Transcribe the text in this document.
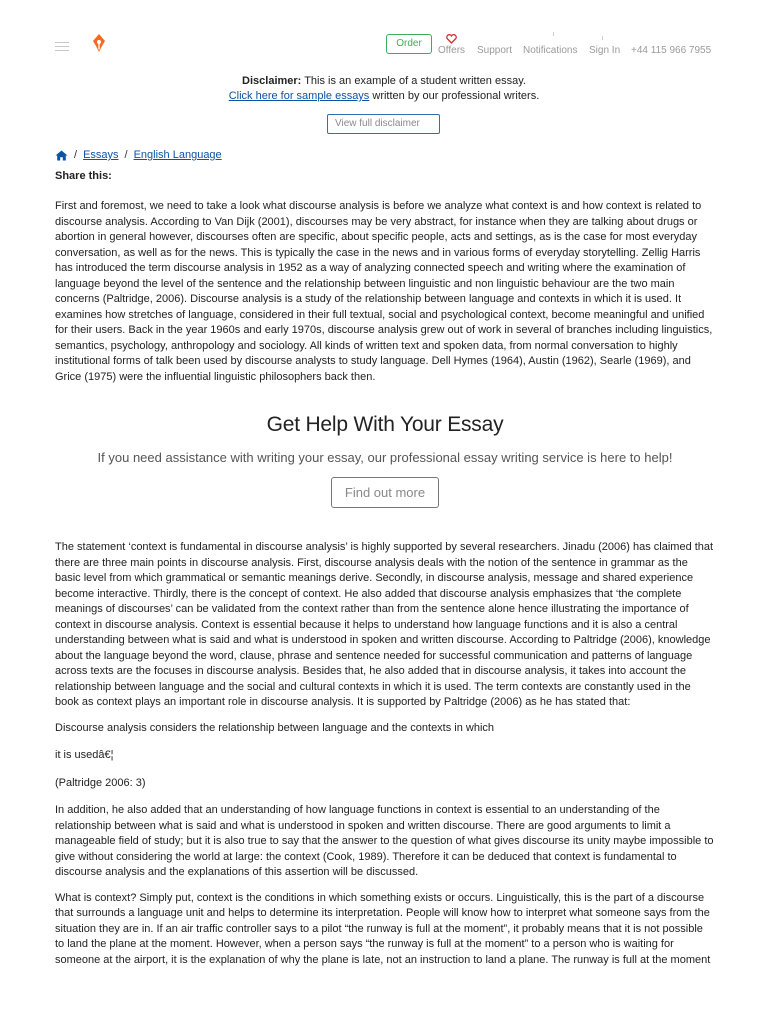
Order
Offers Support Notifications Sign In +44 115 966 7955
Disclaimer: This is an example of a student written essay.
Click here for sample essays written by our professional writers.
View full disclaimer
/ Essays / English Language
Share this:

First and foremost, we need to take a look what discourse analysis is before we analyze what context is and how context is related to discourse analysis. According to Van Dijk (2001), discourses may be very abstract, for instance when they are talking about drugs or abortion in general however, discourses often are specific, about specific people, acts and settings, as is the case for most everyday conversation, as well as for the news. This is typically the case in the news and in various forms of everyday storytelling. Zellig Harris has introduced the term discourse analysis in 1952 as a way of analyzing connected speech and writing where the examination of language beyond the level of the sentence and the relationship between linguistic and non linguistic behaviour are the two main concerns (Paltridge, 2006). Discourse analysis is a study of the relationship between language and contexts in which it is used. It examines how stretches of language, considered in their full textual, social and psychological context, become meaningful and unified for their users. Back in the year 1960s and early 1970s, discourse analysis grew out of work in several of branches including linguistics, semantics, psychology, anthropology and sociology. All kinds of written text and spoken data, from normal conversation to highly institutional forms of talk been used by discourse analysts to study language. Dell Hymes (1964), Austin (1962), Searle (1969), and Grice (1975) were the influential linguistic philosophers back then.

Get Help With Your Essay
If you need assistance with writing your essay, our professional essay writing service is here to help!
Find out more

The statement ‘context is fundamental in discourse analysis’ is highly supported by several researchers. Jinadu (2006) has claimed that there are three main points in discourse analysis. First, discourse analysis deals with the notion of the sentence in grammar as the basic level from which grammatical or semantic meanings derive. Secondly, in discourse analysis, message and shared experience become interactive. Thirdly, there is the concept of context. He also added that discourse analysis emphasizes that ‘the complete meanings of discourses’ can be validated from the context rather than from the sentence alone hence illustrating the importance of context in discourse analysis. Context is essential because it helps to understand how language functions and it is also a central understanding between what is said and what is understood in spoken and written discourse. According to Paltridge (2006), knowledge about the language beyond the word, clause, phrase and sentence needed for successful communication and patterns of language across texts are the focuses in discourse analysis. Besides that, he also added that in discourse analysis, it takes into account the relationship between language and the social and cultural contexts in which it is used. The term contexts are constantly used in the book as context plays an important role in discourse analysis. It is supported by Paltridge (2006) as he has stated that:

Discourse analysis considers the relationship between language and the contexts in which

it is usedâ€¦

(Paltridge 2006: 3)

In addition, he also added that an understanding of how language functions in context is essential to an understanding of the relationship between what is said and what is understood in spoken and written discourse. There are good arguments to limit a manageable field of study; but it is also true to say that the answer to the question of what gives discourse its unity maybe impossible to give without considering the world at large: the context (Cook, 1989). Therefore it can be deduced that context is fundamental to discourse analysis and the explanations of this assertion will be discussed.

What is context? Simply put, context is the conditions in which something exists or occurs. Linguistically, this is the part of a discourse that surrounds a language unit and helps to determine its interpretation. People will know how to interpret what someone says from the situation they are in. If an air traffic controller says to a pilot “the runway is full at the moment”, it probably means that it is not possible to land the plane at the moment. However, when a person says “the runway is full at the moment” to a person who is waiting for someone at the airport, it is the explanation of why the plane is late, not an instruction to land a plane. The runway is full at the moment
